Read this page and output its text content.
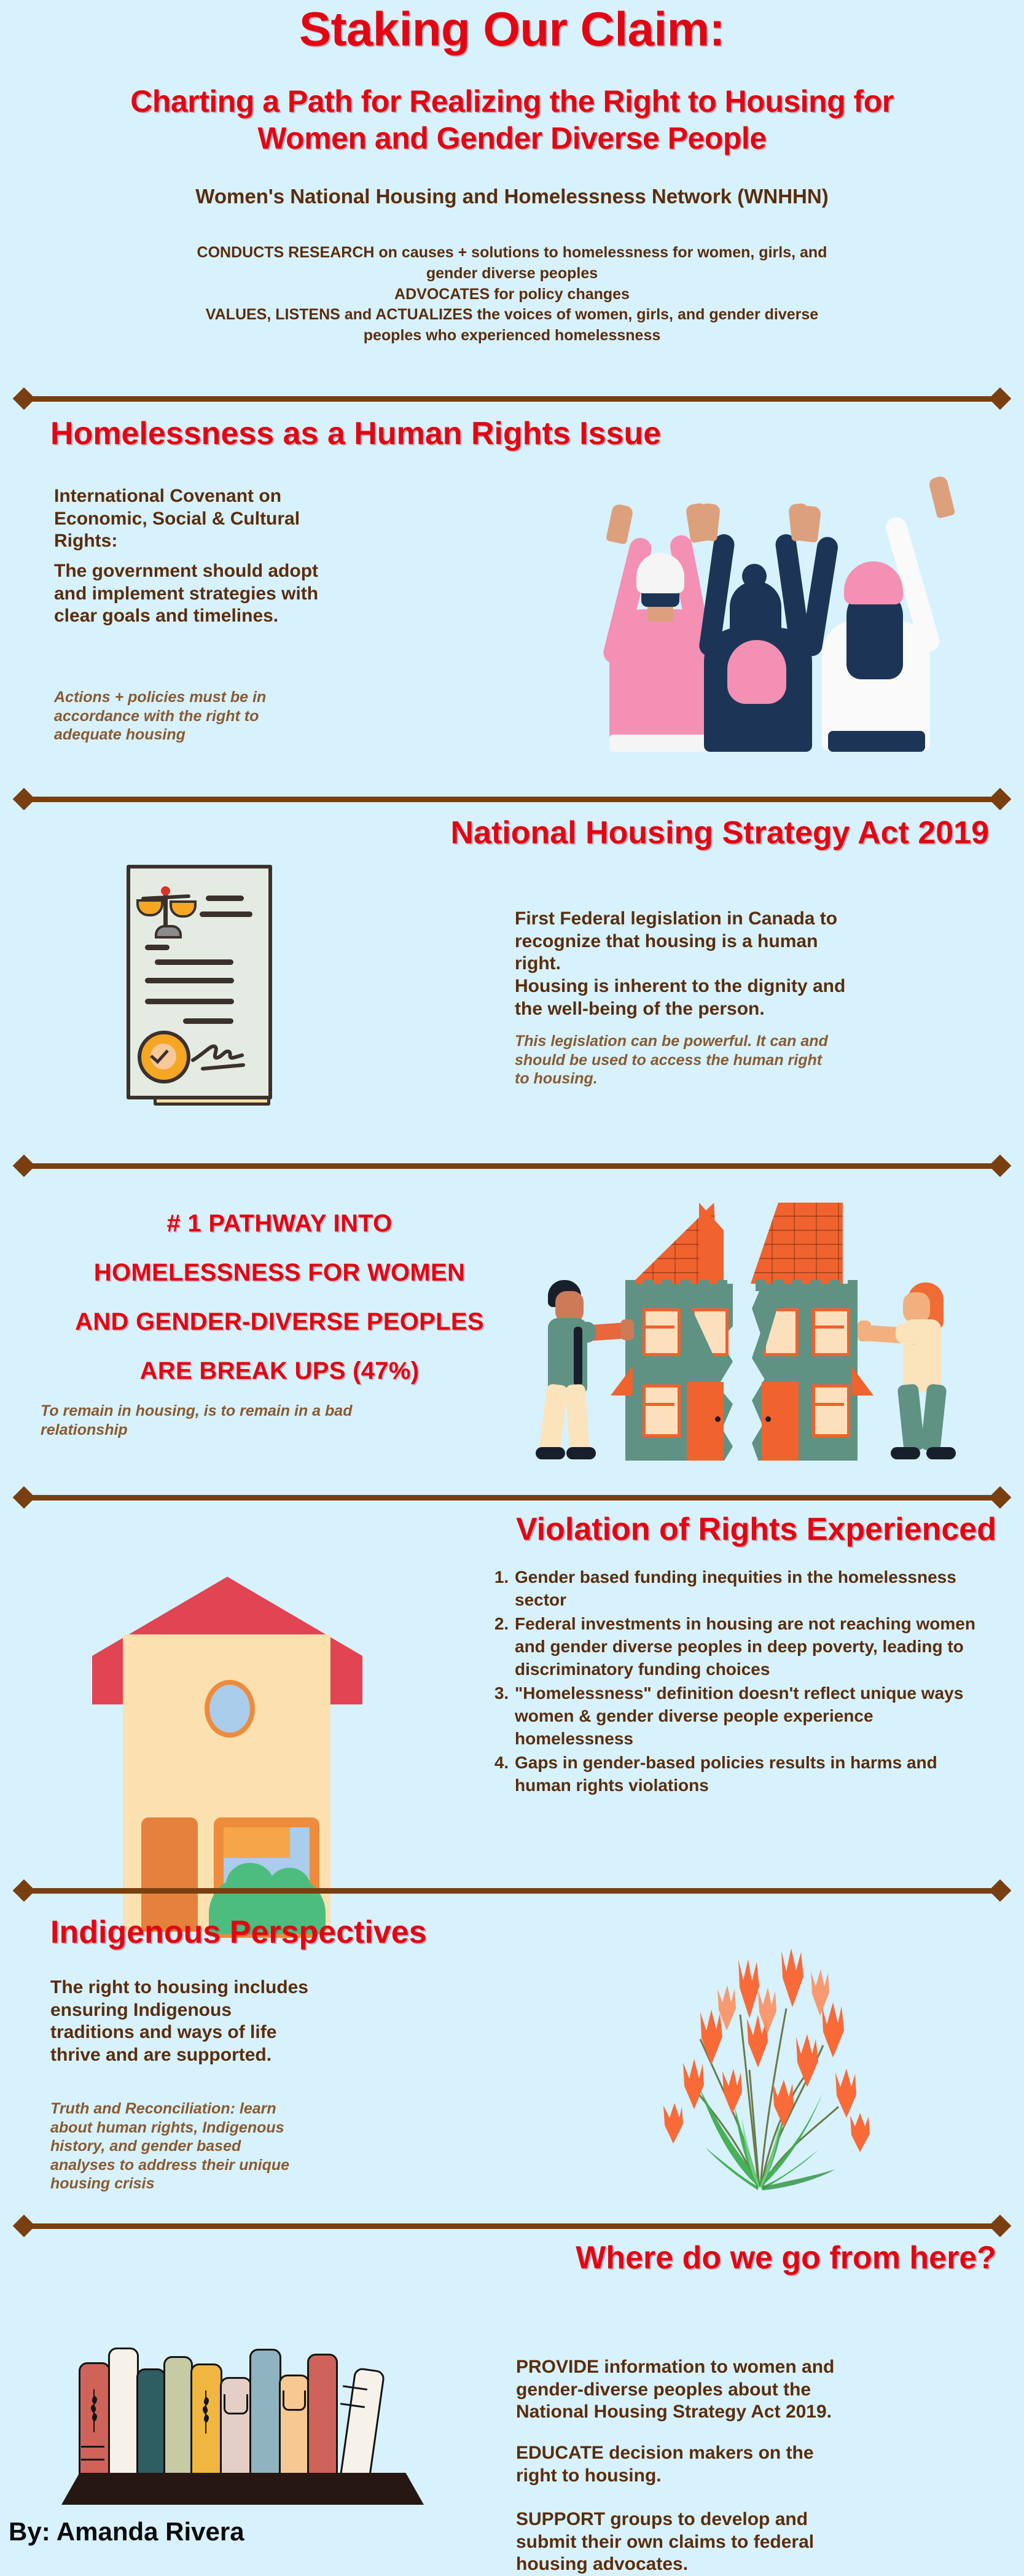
Staking Our Claim:
Charting a Path for Realizing the Right to Housing for
Women and Gender Diverse People
Women's National Housing and Homelessness Network (WNHHN)
CONDUCTS RESEARCH on causes + solutions to homelessness for women, girls, and
gender diverse peoples
ADVOCATES for policy changes
VALUES, LISTENS and ACTUALIZES the voices of women, girls, and gender diverse
peoples who experienced homelessness
Homelessness as a Human Rights Issue
International Covenant on Economic, Social & Cultural Rights:
The government should adopt and implement strategies with clear goals and timelines.
Actions + policies must be in accordance with the right to adequate housing
National Housing Strategy Act 2019
First Federal legislation in Canada to recognize that housing is a human right.
Housing is inherent to the dignity and the well-being of the person.
This legislation can be powerful. It can and should be used to access the human right to housing.
# 1 PATHWAY INTO
HOMELESSNESS FOR WOMEN
AND GENDER-DIVERSE PEOPLES
ARE BREAK UPS (47%)
To remain in housing, is to remain in a bad relationship
Violation of Rights Experienced
1. Gender based funding inequities in the homelessness sector
2. Federal investments in housing are not reaching women and gender diverse peoples in deep poverty, leading to discriminatory funding choices
3. "Homelessness" definition doesn't reflect unique ways women & gender diverse people experience homelessness
4. Gaps in gender-based policies results in harms and human rights violations
Indigenous Perspectives
The right to housing includes ensuring Indigenous traditions and ways of life thrive and are supported.
Truth and Reconciliation: learn about human rights, Indigenous history, and gender based analyses to address their unique housing crisis
Where do we go from here?
PROVIDE information to women and gender-diverse peoples about the National Housing Strategy Act 2019.
EDUCATE decision makers on the right to housing.
SUPPORT groups to develop and submit their own claims to federal housing advocates.
By: Amanda Rivera
